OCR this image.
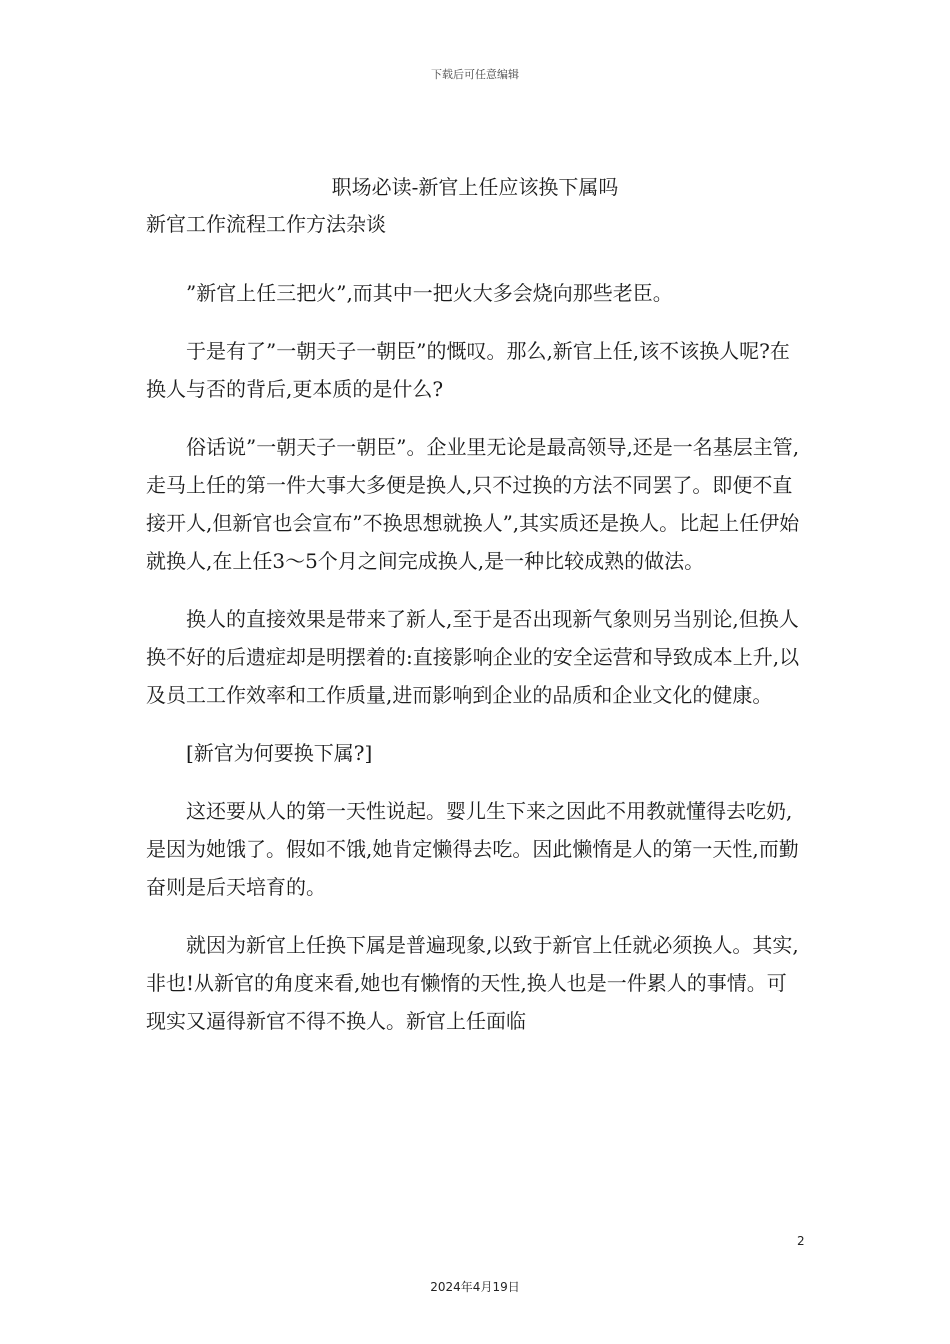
下载后可任意编辑
职场必读-新官上任应该换下属吗
新官工作流程工作方法杂谈

”新官上任三把火”,而其中一把火大多会烧向那些老臣。

于是有了”一朝天子一朝臣”的慨叹。那么,新官上任,该不该换人呢?在换人与否的背后,更本质的是什么?

俗话说”一朝天子一朝臣”。企业里无论是最高领导,还是一名基层主管,走马上任的第一件大事大多便是换人,只不过换的方法不同罢了。即便不直接开人,但新官也会宣布”不换思想就换人”,其实质还是换人。比起上任伊始就换人,在上任3～5个月之间完成换人,是一种比较成熟的做法。

换人的直接效果是带来了新人,至于是否出现新气象则另当别论,但换人换不好的后遗症却是明摆着的:直接影响企业的安全运营和导致成本上升,以及员工工作效率和工作质量,进而影响到企业的品质和企业文化的健康。

[新官为何要换下属?]

这还要从人的第一天性说起。婴儿生下来之因此不用教就懂得去吃奶,是因为她饿了。假如不饿,她肯定懒得去吃。因此懒惰是人的第一天性,而勤奋则是后天培育的。

就因为新官上任换下属是普遍现象,以致于新官上任就必须换人。其实,非也!从新官的角度来看,她也有懒惰的天性,换人也是一件累人的事情。可现实又逼得新官不得不换人。新官上任面临

2
2024年4月19日
